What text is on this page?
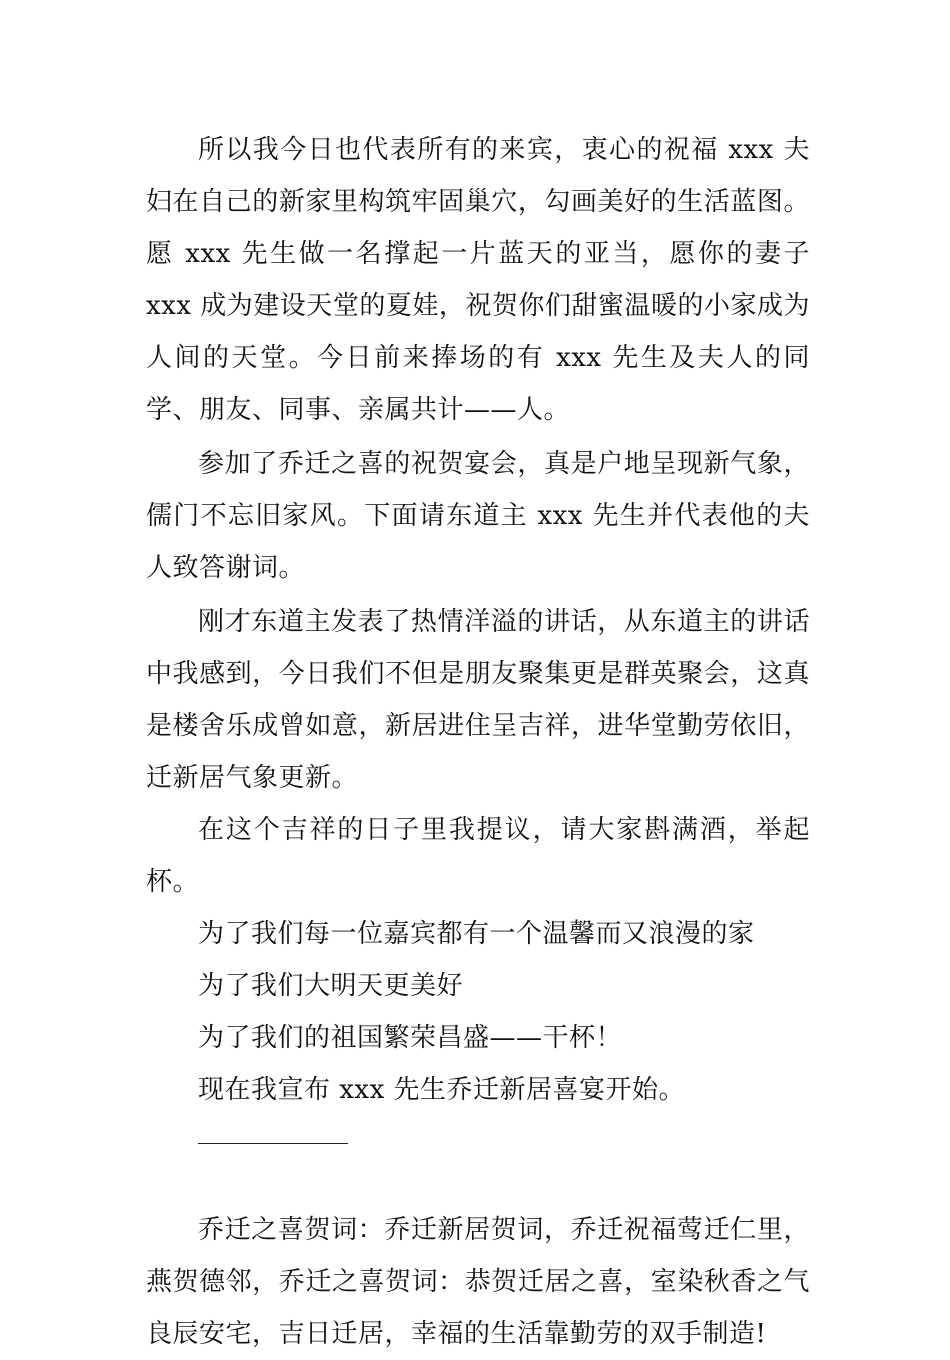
所以我今日也代表所有的来宾，衷心的祝福 xxx 夫妇在自己的新家里构筑牢固巢穴，勾画美好的生活蓝图。愿 xxx 先生做一名撑起一片蓝天的亚当，愿你的妻子 xxx 成为建设天堂的夏娃，祝贺你们甜蜜温暖的小家成为人间的天堂。今日前来捧场的有 xxx 先生及夫人的同学、朋友、同事、亲属共计——人。

参加了乔迁之喜的祝贺宴会，真是户地呈现新气象，儒门不忘旧家风。下面请东道主 xxx 先生并代表他的夫人致答谢词。

刚才东道主发表了热情洋溢的讲话，从东道主的讲话中我感到，今日我们不但是朋友聚集更是群英聚会，这真是楼舍乐成曾如意，新居进住呈吉祥，进华堂勤劳依旧，迁新居气象更新。

在这个吉祥的日子里我提议，请大家斟满酒，举起杯。

为了我们每一位嘉宾都有一个温馨而又浪漫的家

为了我们大明天更美好

为了我们的祖国繁荣昌盛——干杯！

现在我宣布 xxx 先生乔迁新居喜宴开始。

乔迁之喜贺词：乔迁新居贺词，乔迁祝福莺迁仁里，燕贺德邻，乔迁之喜贺词：恭贺迁居之喜，室染秋香之气良辰安宅，吉日迁居，幸福的生活靠勤劳的双手制造!
